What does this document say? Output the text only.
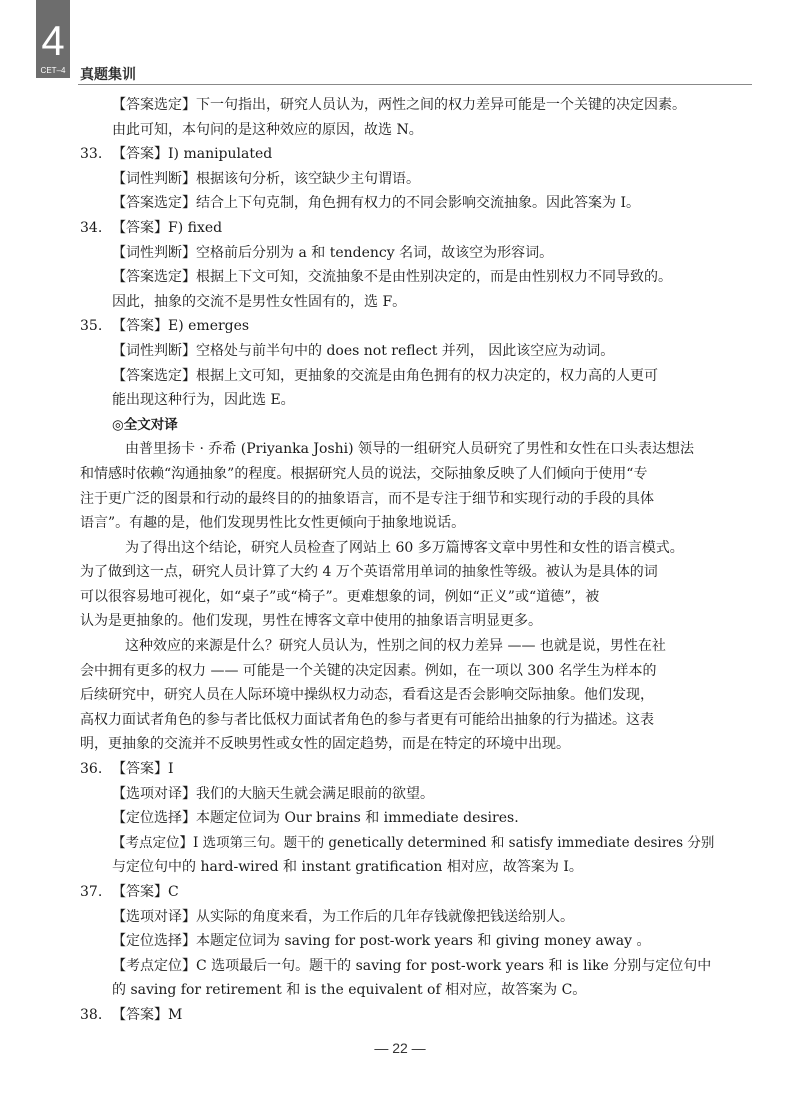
4
CET–4	真题集训
【答案选定】下一句指出，研究人员认为，两性之间的权力差异可能是一个关键的决定因素。
由此可知，本句问的是这种效应的原因，故选 N。
33. 【答案】I) manipulated
【词性判断】根据该句分析，该空缺少主句谓语。
【答案选定】结合上下句克制，角色拥有权力的不同会影响交流抽象。因此答案为 I。
34. 【答案】F) fixed
【词性判断】空格前后分别为 a 和 tendency 名词，故该空为形容词。
【答案选定】根据上下文可知，交流抽象不是由性别决定的，而是由性别权力不同导致的。
因此，抽象的交流不是男性女性固有的，选 F。
35. 【答案】E) emerges
【词性判断】空格处与前半句中的 does not reflect 并列， 因此该空应为动词。
【答案选定】根据上文可知，更抽象的交流是由角色拥有的权力决定的，权力高的人更可
能出现这种行为，因此选 E。
◎全文对译
由普里扬卡 · 乔希 (Priyanka Joshi) 领导的一组研究人员研究了男性和女性在口头表达想法
和情感时依赖“沟通抽象”的程度。根据研究人员的说法，交际抽象反映了人们倾向于使用“专
注于更广泛的图景和行动的最终目的的抽象语言，而不是专注于细节和实现行动的手段的具体
语言”。有趣的是，他们发现男性比女性更倾向于抽象地说话。
为了得出这个结论，研究人员检查了网站上 60 多万篇博客文章中男性和女性的语言模式。
为了做到这一点，研究人员计算了大约 4 万个英语常用单词的抽象性等级。被认为是具体的词
可以很容易地可视化，如“桌子”或“椅子”。更难想象的词，例如“正义”或“道德”，被
认为是更抽象的。他们发现，男性在博客文章中使用的抽象语言明显更多。
这种效应的来源是什么？研究人员认为，性别之间的权力差异 —— 也就是说，男性在社
会中拥有更多的权力 —— 可能是一个关键的决定因素。例如，在一项以 300 名学生为样本的
后续研究中，研究人员在人际环境中操纵权力动态，看看这是否会影响交际抽象。他们发现，
高权力面试者角色的参与者比低权力面试者角色的参与者更有可能给出抽象的行为描述。这表
明，更抽象的交流并不反映男性或女性的固定趋势，而是在特定的环境中出现。
36. 【答案】I
【选项对译】我们的大脑天生就会满足眼前的欲望。
【定位选择】本题定位词为 Our brains 和 immediate desires.
【考点定位】I 选项第三句。题干的 genetically determined 和 satisfy immediate desires 分别
与定位句中的 hard-wired 和 instant gratification 相对应，故答案为 I。
37. 【答案】C
【选项对译】从实际的角度来看，为工作后的几年存钱就像把钱送给别人。
【定位选择】本题定位词为 saving for post-work years 和 giving money away 。
【考点定位】C 选项最后一句。题干的 saving for post-work years 和 is like 分别与定位句中
的 saving for retirement 和 is the equivalent of 相对应，故答案为 C。
38. 【答案】M
— 22 —
